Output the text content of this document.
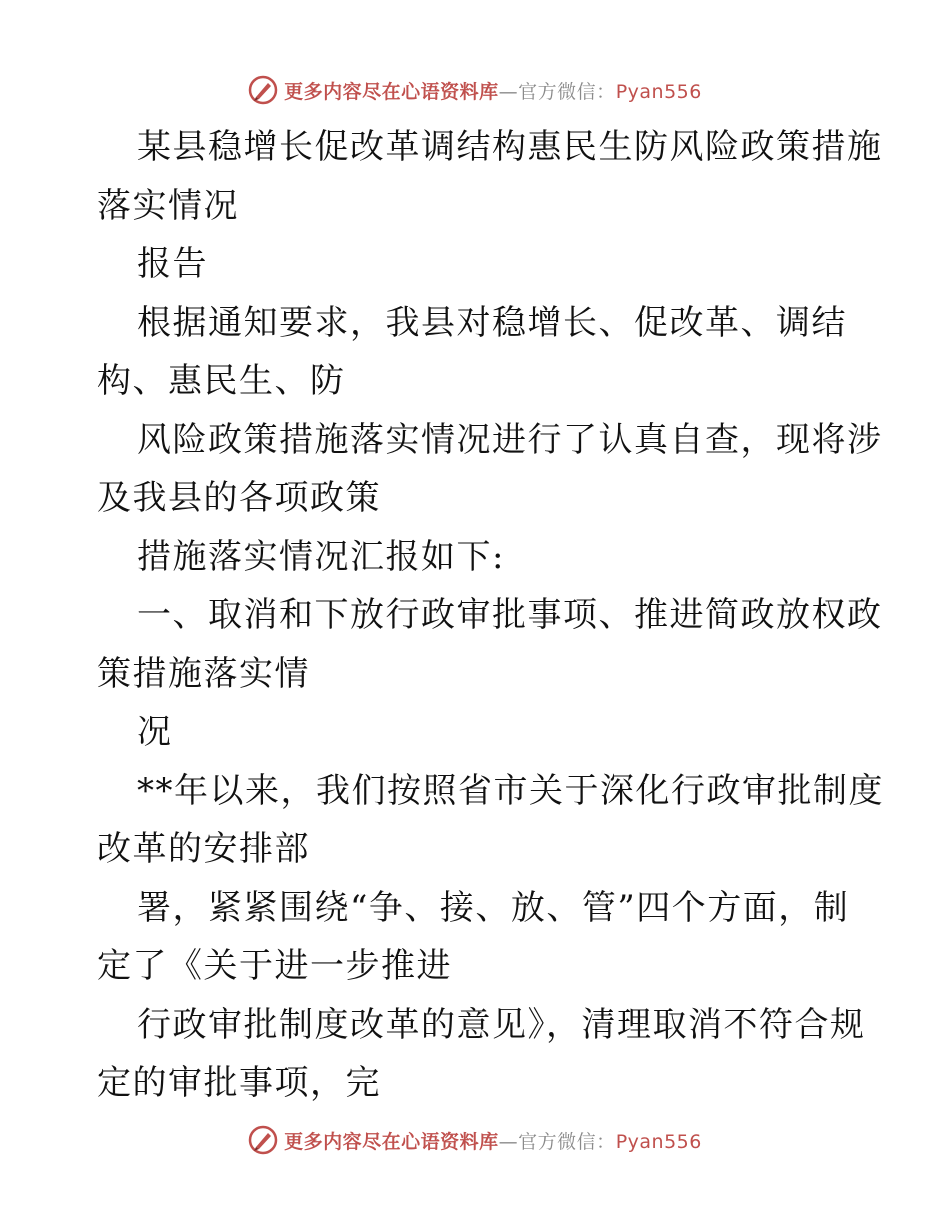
更多内容尽在心语资料库—官方微信：Pyan556
某县稳增长促改革调结构惠民生防风险政策措施
落实情况
报告
根据通知要求，我县对稳增长、促改革、调结
构、惠民生、防
风险政策措施落实情况进行了认真自查，现将涉
及我县的各项政策
措施落实情况汇报如下:
一、取消和下放行政审批事项、推进简政放权政
策措施落实情
况
**年以来，我们按照省市关于深化行政审批制度
改革的安排部
署，紧紧围绕“争、接、放、管”四个方面，制
定了《关于进一步推进
行政审批制度改革的意见》，清理取消不符合规
定的审批事项，完
更多内容尽在心语资料库—官方微信：Pyan556
